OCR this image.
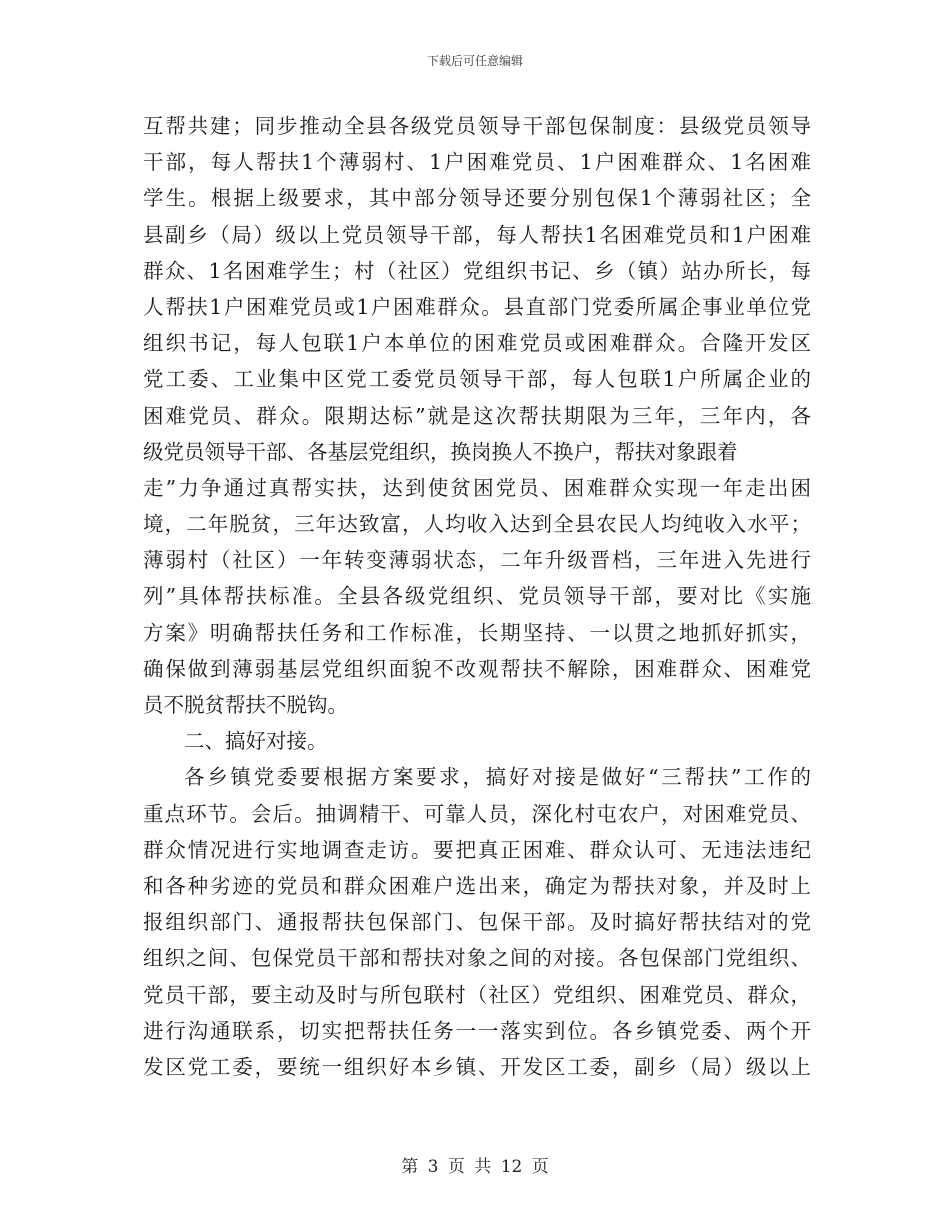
下载后可任意编辑
互帮共建；同步推动全县各级党员领导干部包保制度：县级党员领导
干部，每人帮扶1个薄弱村、1户困难党员、1户困难群众、1名困难
学生。根据上级要求，其中部分领导还要分别包保1个薄弱社区；全
县副乡（局）级以上党员领导干部，每人帮扶1名困难党员和1户困难
群众、1名困难学生；村（社区）党组织书记、乡（镇）站办所长，每
人帮扶1户困难党员或1户困难群众。县直部门党委所属企事业单位党
组织书记，每人包联1户本单位的困难党员或困难群众。合隆开发区
党工委、工业集中区党工委党员领导干部，每人包联1户所属企业的
困难党员、群众。限期达标”就是这次帮扶期限为三年，三年内，各
级党员领导干部、各基层党组织，换岗换人不换户，帮扶对象跟着
走”力争通过真帮实扶，达到使贫困党员、困难群众实现一年走出困
境，二年脱贫，三年达致富，人均收入达到全县农民人均纯收入水平；
薄弱村（社区）一年转变薄弱状态，二年升级晋档，三年进入先进行
列”具体帮扶标准。全县各级党组织、党员领导干部，要对比《实施
方案》明确帮扶任务和工作标准，长期坚持、一以贯之地抓好抓实，
确保做到薄弱基层党组织面貌不改观帮扶不解除，困难群众、困难党
员不脱贫帮扶不脱钩。
二、搞好对接。
各乡镇党委要根据方案要求，搞好对接是做好“三帮扶”工作的
重点环节。会后。抽调精干、可靠人员，深化村屯农户，对困难党员、
群众情况进行实地调查走访。要把真正困难、群众认可、无违法违纪
和各种劣迹的党员和群众困难户选出来，确定为帮扶对象，并及时上
报组织部门、通报帮扶包保部门、包保干部。及时搞好帮扶结对的党
组织之间、包保党员干部和帮扶对象之间的对接。各包保部门党组织、
党员干部，要主动及时与所包联村（社区）党组织、困难党员、群众，
进行沟通联系，切实把帮扶任务一一落实到位。各乡镇党委、两个开
发区党工委，要统一组织好本乡镇、开发区工委，副乡（局）级以上
第 3 页 共 12 页
